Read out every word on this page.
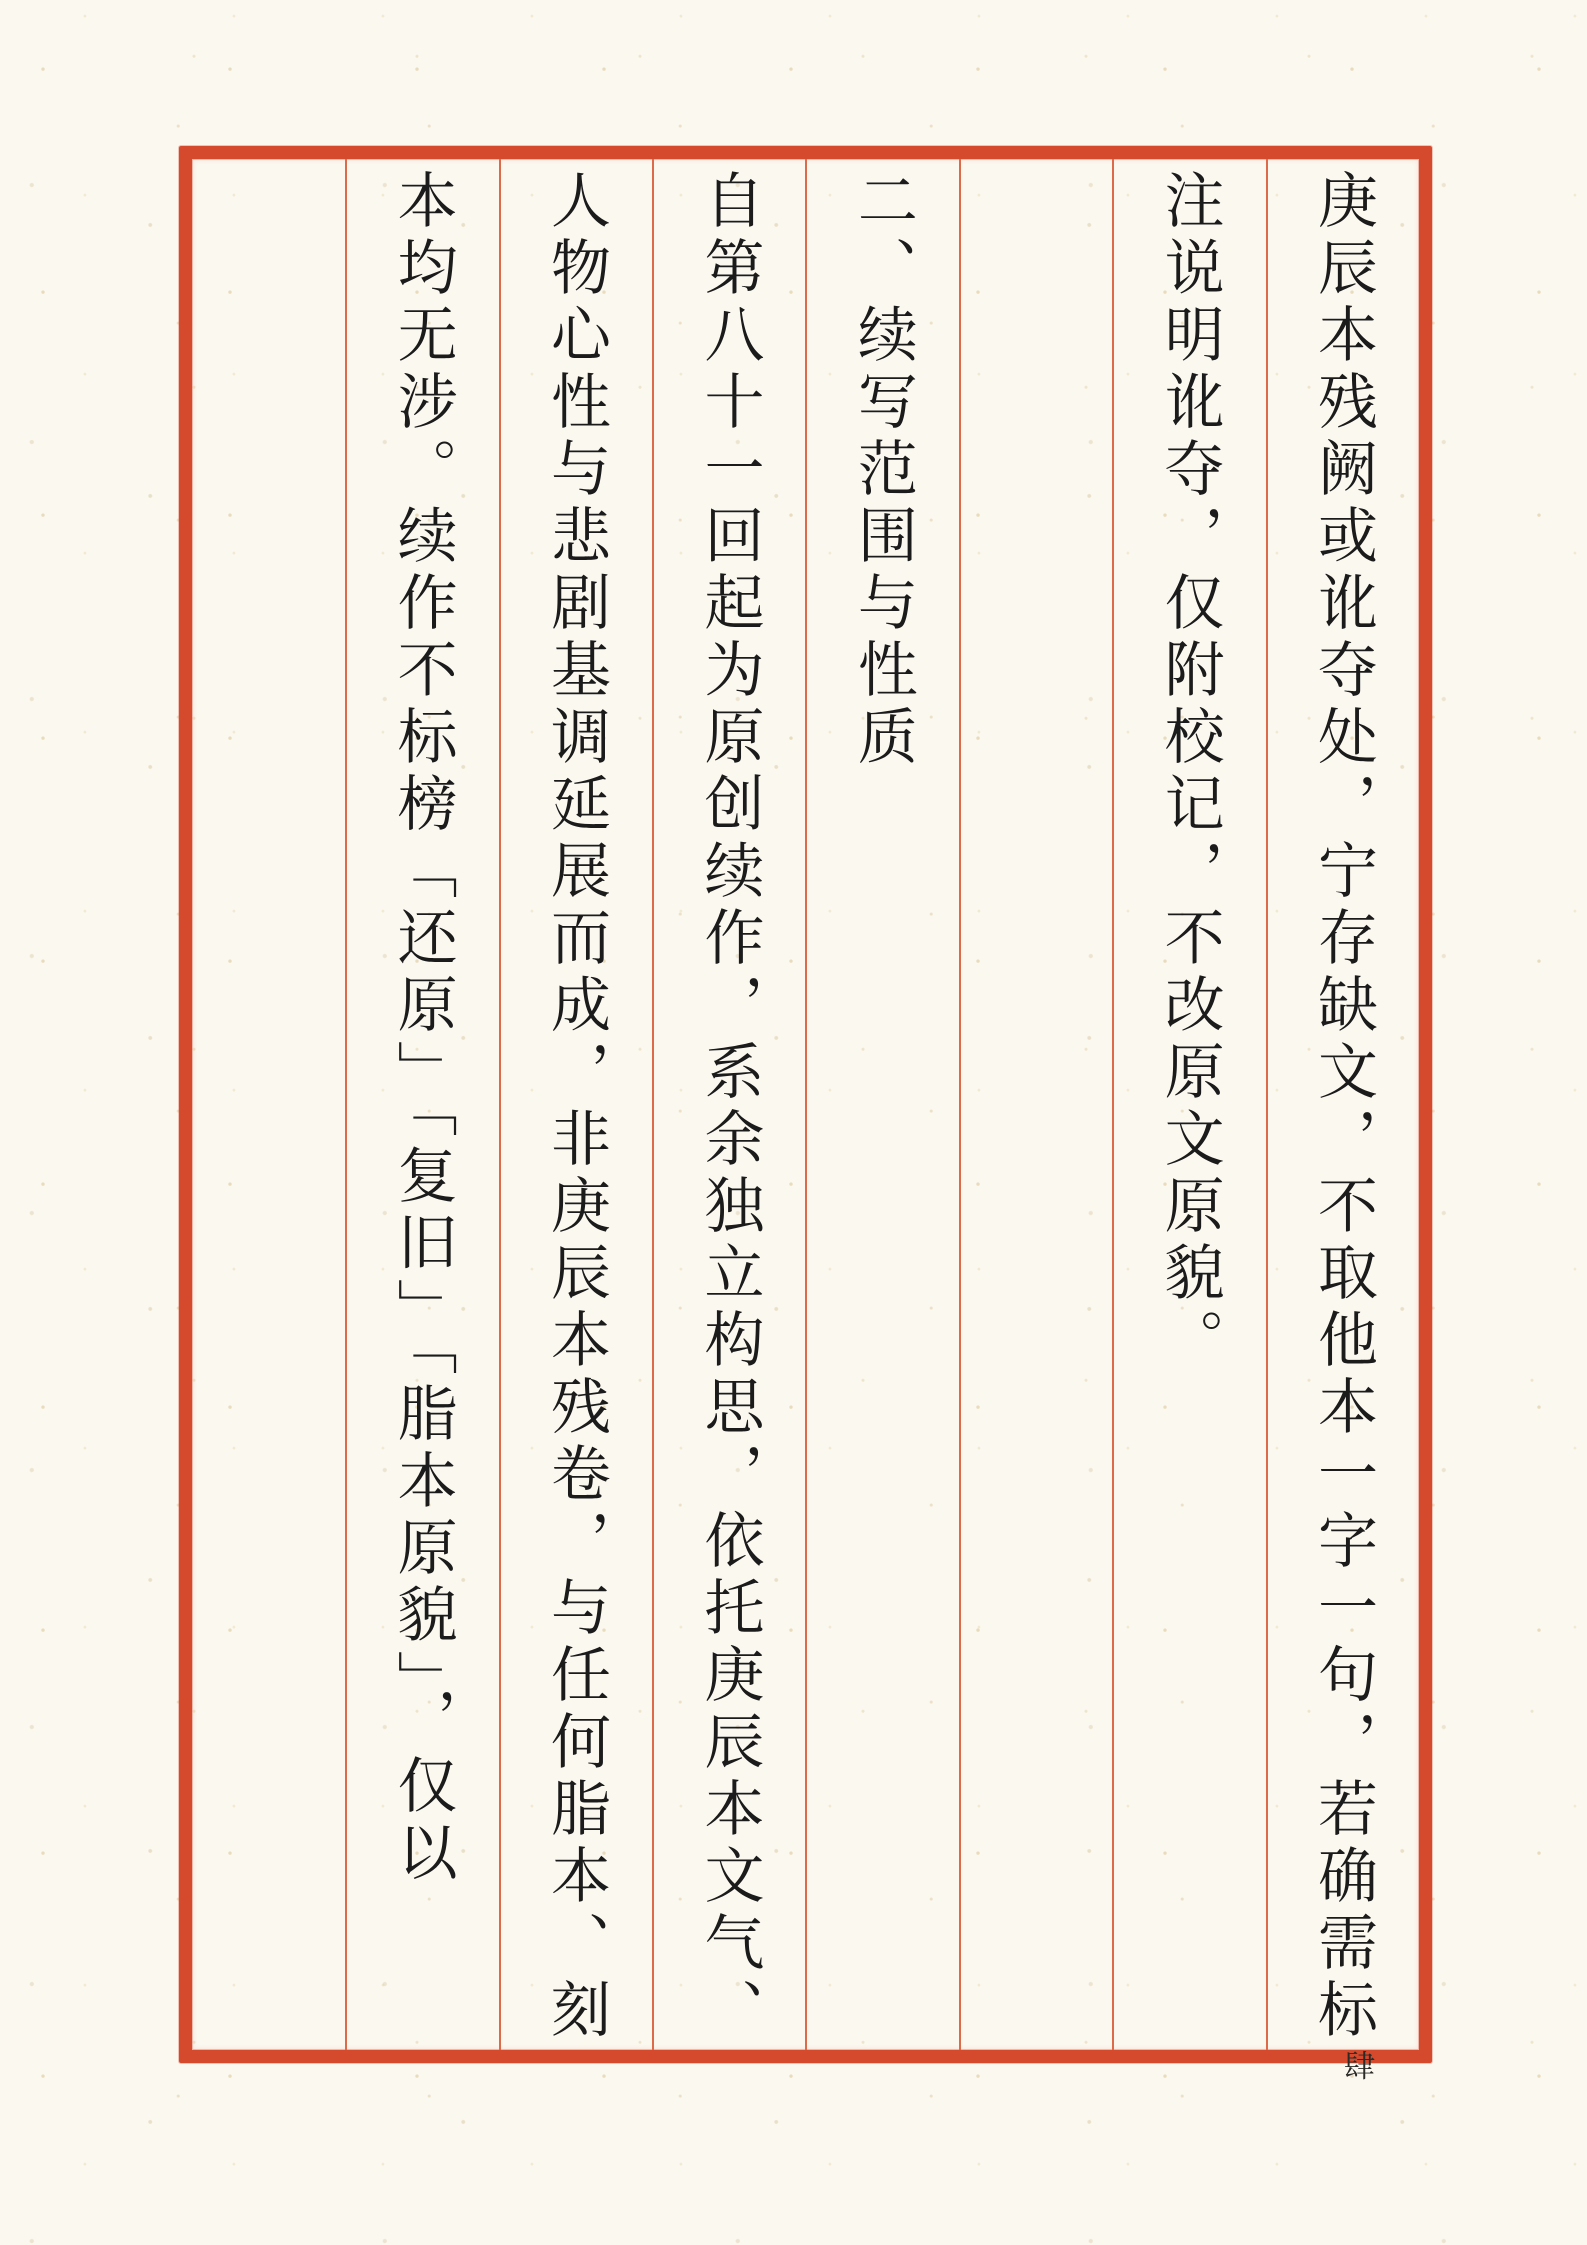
庚辰本残阙或讹夺处，宁存缺文，不取他本一字一句，若确需标
注说明讹夺，仅附校记，不改原文原貌。
二、续写范围与性质
自第八十一回起为原创续作，系余独立构思，依托庚辰本文气、
人物心性与悲剧基调延展而成，非庚辰本残卷，与任何脂本、刻
本均无涉。续作不标榜「还原」「复旧」「脂本原貌」，仅以
肆
